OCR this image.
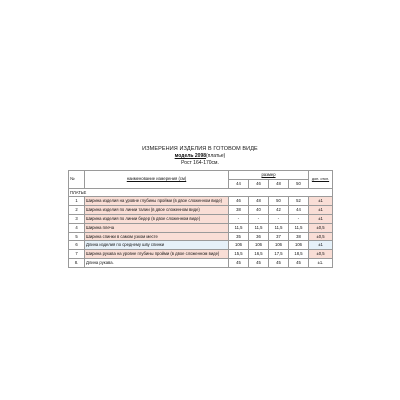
ИЗМЕРЕНИЯ ИЗДЕЛИЯ В ГОТОВОМ ВИДЕ
модель 2098(платье)
Рост 164-170см.
№	наименование измерения (см)	размер				доп. откл.
		44	46	48	50	
ПЛАТЬЕ						
1	Ширина изделия на уровне глубины пройми (в двое сложенном виде)	46	48	50	52	±1
2	Ширина изделия по линии талии (в двое сложенном виде)	38	40	42	44	±1
3	Ширина изделия по линии бедер (в двое сложенном виде)	-	-	-	-	±1
4	Ширина плеча	11,5	11,5	11,5	11,5	±0,5
5	Ширина спинки в самом узком месте	35	36	37	38	±0,5
6	Длина изделия по среднему шву спинки	106	106	106	106	±1
7	Ширина рукава на уровне глубины пройми (в двое сложенном виде)	15,5	16,5	17,5	18,5	±0,5
8.	Длина рукава.	45	45	45	45	±1.
